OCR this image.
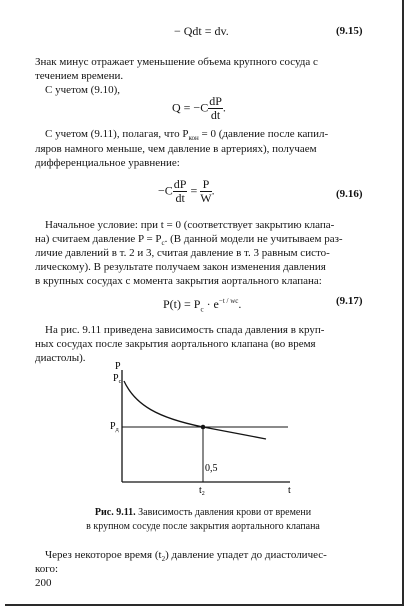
− Qdt = dv.	(9.15)
Знак минус отражает уменьшение объема крупного сосуда с
течением времени.
С учетом (9.10),
$Q = -C \frac{dP}{dt}$ .
С учетом (9.11), полагая, что $P_{кон} = 0$ (давление после капил-
ляров намного меньше, чем давление в артериях), получаем
дифференциальное уравнение:
$-C \frac{dP}{dt} = \frac{P}{W}$ .	(9.16)
Начальное условие: при t = 0 (соответствует закрытию клапа-
на) считаем давление $P = P_c$. (В данной модели не учитываем раз-
личие давлений в т. 2 и 3, считая давление в т. 3 равным систо-
лическому). В результате получаем закон изменения давления
в крупных сосудах с момента закрытия аортального клапана:
$P(t) = P_c \cdot e^{-t / wc}$.	(9.17)
На рис. 9.11 приведена зависимость спада давления в круп-
ных сосудах после закрытия аортального клапана (во время
диастолы).
P
$P_c$
$P_д$
0,5
$t_2$	t
Рис. 9.11. Зависимость давления крови от времени
в крупном сосуде после закрытия аортального клапана
Через некоторое время $(t_2)$ давление упадет до диастоличес-
кого:
200
